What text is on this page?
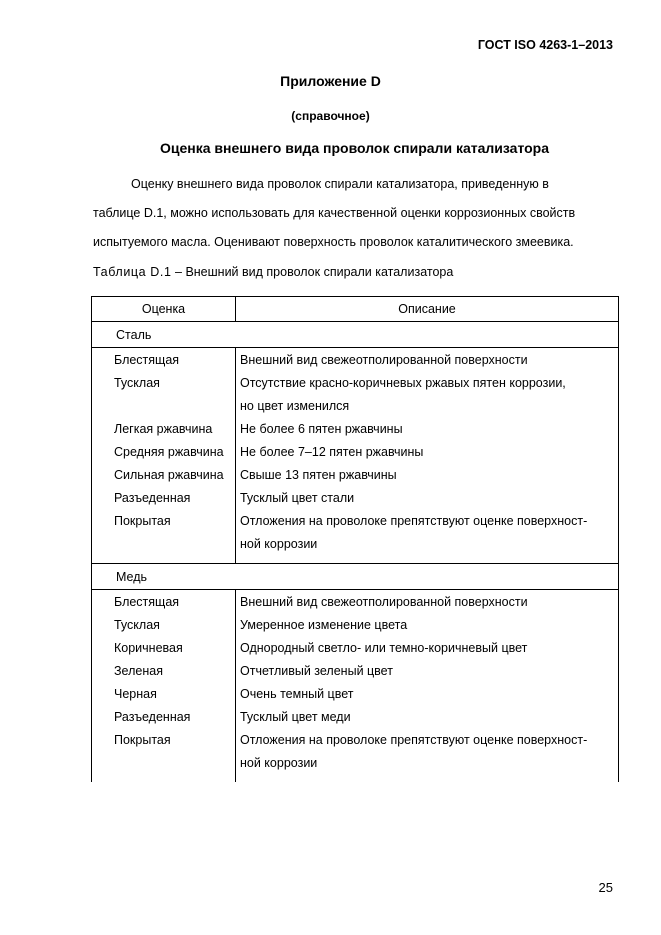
ГОСТ ISO 4263-1–2013
Приложение D
(справочное)
Оценка внешнего вида проволок спирали катализатора

Оценку внешнего вида проволок спирали катализатора, приведенную в
таблице D.1, можно использовать для качественной оценки коррозионных свойств
испытуемого масла. Оценивают поверхность проволок каталитического змеевика.

Таблица D.1 – Внешний вид проволок спирали катализатора
Оценка	Описание
Сталь	
Блестящая	Внешний вид свежеотполированной поверхности
Тусклая	Отсутствие красно-коричневых ржавых пятен коррозии,
	но цвет изменился
Легкая ржавчина	Не более 6 пятен ржавчины
Средняя ржавчина	Не более 7–12 пятен ржавчины
Сильная ржавчина	Свыше 13 пятен ржавчины
Разъеденная	Тусклый цвет стали
Покрытая	Отложения на проволоке препятствуют оценке поверхност-
	ной коррозии
Медь	
Блестящая	Внешний вид свежеотполированной поверхности
Тусклая	Умеренное изменение цвета
Коричневая	Однородный светло- или темно-коричневый цвет
Зеленая	Отчетливый зеленый цвет
Черная	Очень темный цвет
Разъеденная	Тусклый цвет меди
Покрытая	Отложения на проволоке препятствуют оценке поверхност-
	ной коррозии
25
